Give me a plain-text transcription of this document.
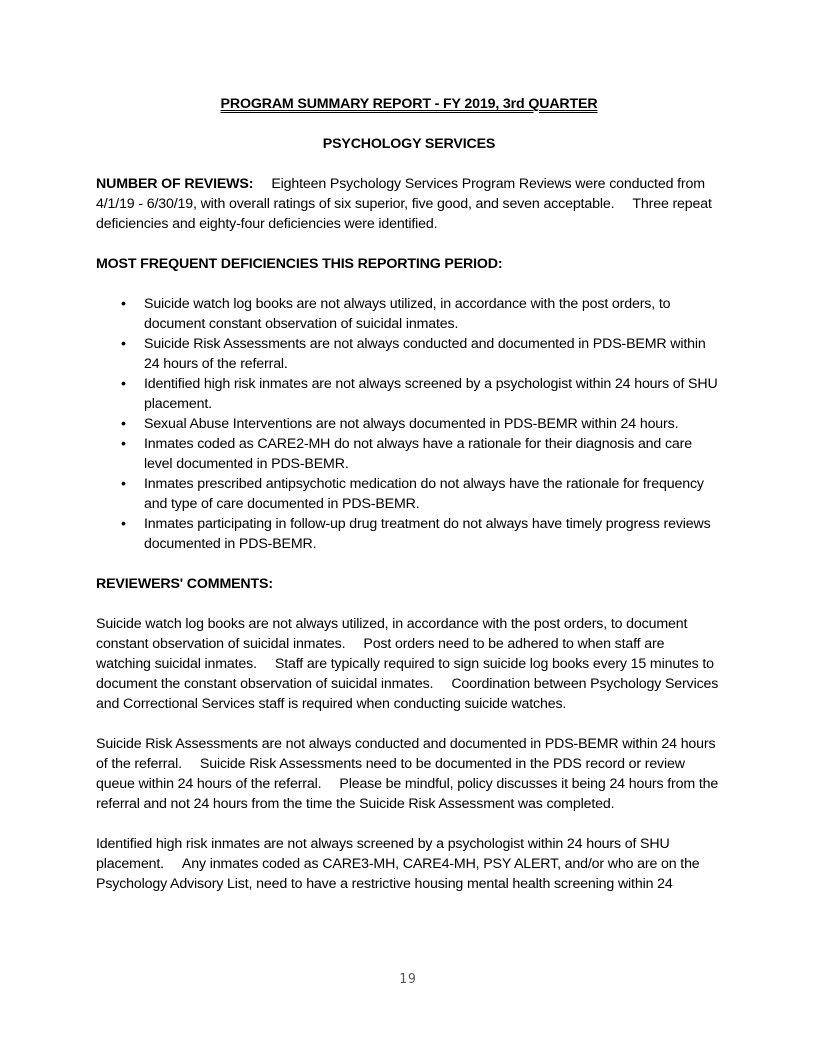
PROGRAM SUMMARY REPORT - FY 2019, 3rd QUARTER

PSYCHOLOGY SERVICES

NUMBER OF REVIEWS: Eighteen Psychology Services Program Reviews were conducted from 4/1/19 - 6/30/19, with overall ratings of six superior, five good, and seven acceptable. Three repeat deficiencies and eighty-four deficiencies were identified.

MOST FREQUENT DEFICIENCIES THIS REPORTING PERIOD:

• Suicide watch log books are not always utilized, in accordance with the post orders, to document constant observation of suicidal inmates.
• Suicide Risk Assessments are not always conducted and documented in PDS-BEMR within 24 hours of the referral.
• Identified high risk inmates are not always screened by a psychologist within 24 hours of SHU placement.
• Sexual Abuse Interventions are not always documented in PDS-BEMR within 24 hours.
• Inmates coded as CARE2-MH do not always have a rationale for their diagnosis and care level documented in PDS-BEMR.
• Inmates prescribed antipsychotic medication do not always have the rationale for frequency and type of care documented in PDS-BEMR.
• Inmates participating in follow-up drug treatment do not always have timely progress reviews documented in PDS-BEMR.

REVIEWERS' COMMENTS:

Suicide watch log books are not always utilized, in accordance with the post orders, to document constant observation of suicidal inmates. Post orders need to be adhered to when staff are watching suicidal inmates. Staff are typically required to sign suicide log books every 15 minutes to document the constant observation of suicidal inmates. Coordination between Psychology Services and Correctional Services staff is required when conducting suicide watches.

Suicide Risk Assessments are not always conducted and documented in PDS-BEMR within 24 hours of the referral. Suicide Risk Assessments need to be documented in the PDS record or review queue within 24 hours of the referral. Please be mindful, policy discusses it being 24 hours from the referral and not 24 hours from the time the Suicide Risk Assessment was completed.

Identified high risk inmates are not always screened by a psychologist within 24 hours of SHU placement. Any inmates coded as CARE3-MH, CARE4-MH, PSY ALERT, and/or who are on the Psychology Advisory List, need to have a restrictive housing mental health screening within 24

19
